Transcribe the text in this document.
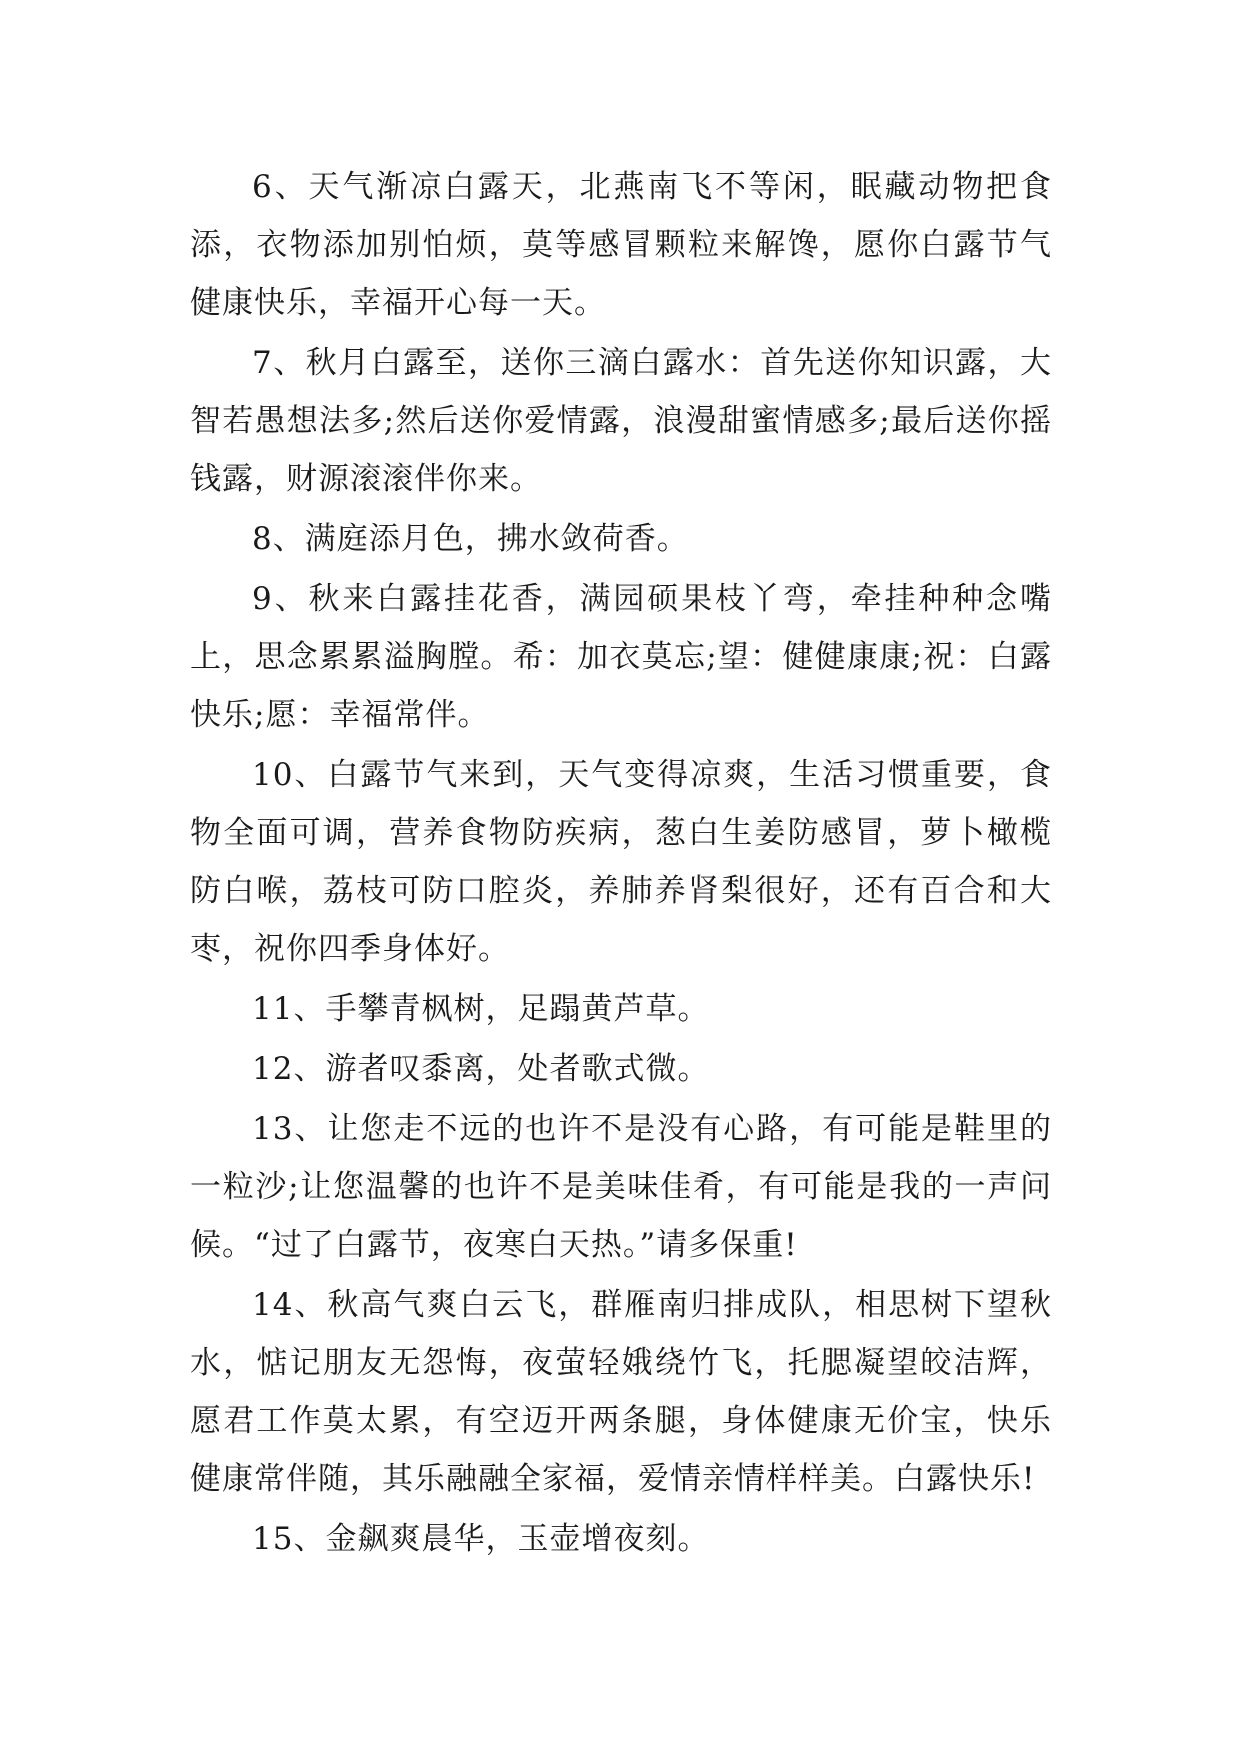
6、天气渐凉白露天，北燕南飞不等闲，眠藏动物把食添，衣物添加别怕烦，莫等感冒颗粒来解馋，愿你白露节气健康快乐，幸福开心每一天。

7、秋月白露至，送你三滴白露水：首先送你知识露，大智若愚想法多;然后送你爱情露，浪漫甜蜜情感多;最后送你摇钱露，财源滚滚伴你来。

8、满庭添月色，拂水敛荷香。

9、秋来白露挂花香，满园硕果枝丫弯，牵挂种种念嘴上，思念累累溢胸膛。希：加衣莫忘;望：健健康康;祝：白露快乐;愿：幸福常伴。

10、白露节气来到，天气变得凉爽，生活习惯重要，食物全面可调，营养食物防疾病，葱白生姜防感冒，萝卜橄榄防白喉，荔枝可防口腔炎，养肺养肾梨很好，还有百合和大枣，祝你四季身体好。

11、手攀青枫树，足蹋黄芦草。

12、游者叹黍离，处者歌式微。

13、让您走不远的也许不是没有心路，有可能是鞋里的一粒沙;让您温馨的也许不是美味佳肴，有可能是我的一声问候。“过了白露节，夜寒白天热。”请多保重!

14、秋高气爽白云飞，群雁南归排成队，相思树下望秋水，惦记朋友无怨悔，夜萤轻娥绕竹飞，托腮凝望皎洁辉，愿君工作莫太累，有空迈开两条腿，身体健康无价宝，快乐健康常伴随，其乐融融全家福，爱情亲情样样美。白露快乐!

15、金飙爽晨华，玉壶增夜刻。
